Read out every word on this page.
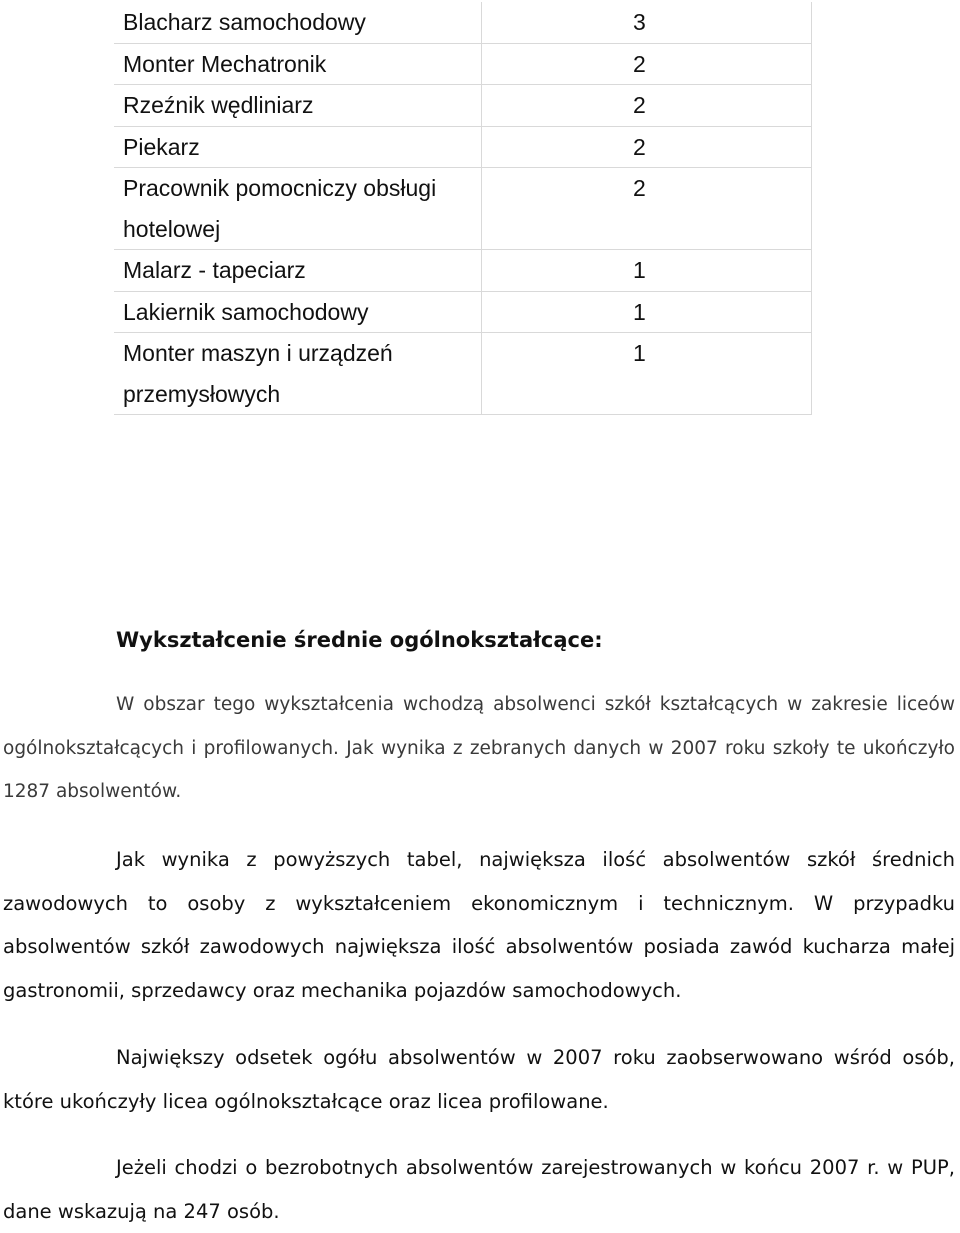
Blacharz samochodowy	3

Monter Mechatronik	2

Rzeźnik wędliniarz	2

Piekarz	2

Pracownik pomocniczy obsługi
hotelowej	2

Malarz - tapeciarz	1

Lakiernik samochodowy	1

Monter maszyn i urządzeń
przemysłowych	1
Wykształcenie średnie ogólnokształcące:

W obszar tego wykształcenia wchodzą absolwenci szkół kształcących w zakresie liceów ogólnokształcących i profilowanych. Jak wynika z zebranych danych w 2007 roku szkoły te ukończyło 1287 absolwentów.

Jak wynika z powyższych tabel, największa ilość absolwentów szkół średnich zawodowych to osoby z wykształceniem ekonomicznym i technicznym. W przypadku absolwentów szkół zawodowych największa ilość absolwentów posiada zawód kucharza małej gastronomii, sprzedawcy oraz mechanika pojazdów samochodowych.

Największy odsetek ogółu absolwentów w 2007 roku zaobserwowano wśród osób, które ukończyły licea ogólnokształcące oraz licea profilowane.

Jeżeli chodzi o bezrobotnych absolwentów zarejestrowanych w końcu 2007 r. w PUP, dane wskazują na 247 osób.
